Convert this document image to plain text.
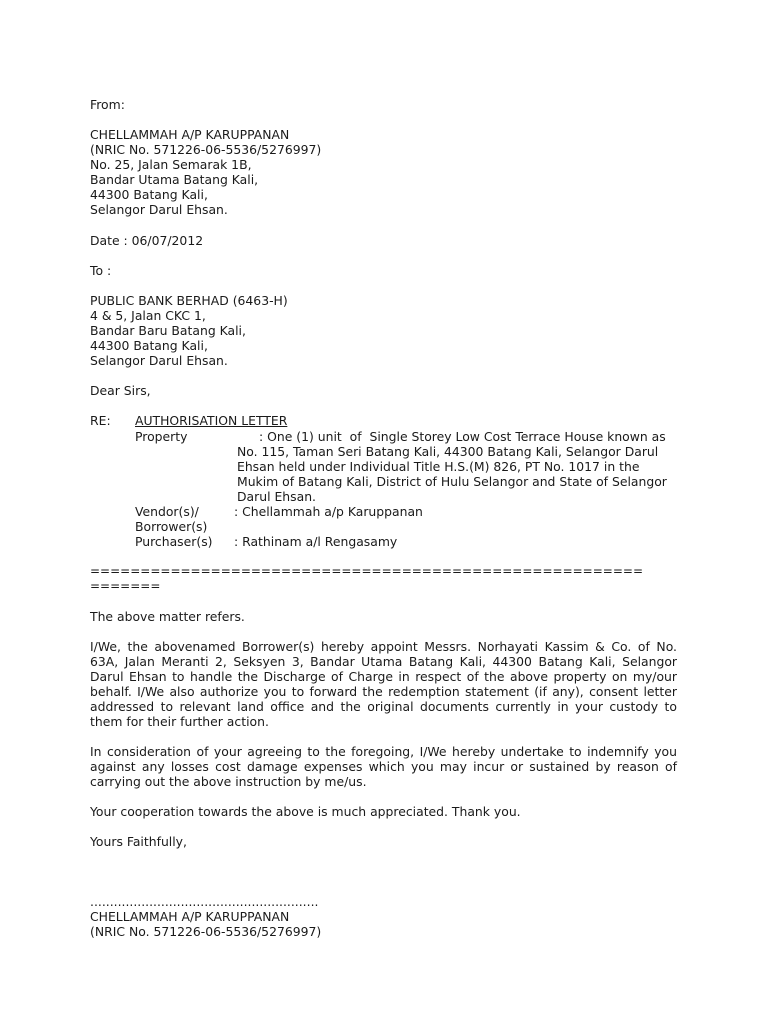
From:
CHELLAMMAH A/P KARUPPANAN
(NRIC No. 571226-06-5536/5276997)
No. 25, Jalan Semarak 1B,
Bandar Utama Batang Kali,
44300 Batang Kali,
Selangor Darul Ehsan.
Date : 06/07/2012
To :
PUBLIC BANK BERHAD (6463-H)
4 & 5, Jalan CKC 1,
Bandar Baru Batang Kali,
44300 Batang Kali,
Selangor Darul Ehsan.
Dear Sirs,
RE: AUTHORISATION LETTER
Property	: One (1) unit  of  Single Storey Low Cost Terrace House known as
No. 115, Taman Seri Batang Kali, 44300 Batang Kali, Selangor Darul Ehsan held under Individual Title H.S.(M) 826, PT No. 1017 in the Mukim of Batang Kali, District of Hulu Selangor and State of Selangor Darul Ehsan.
Vendor(s)/	: Chellammah a/p Karuppanan
Borrower(s)
Purchaser(s) : Rathinam a/l Rengasamy
=======================================================
=======
The above matter refers.
I/We, the abovenamed Borrower(s) hereby appoint Messrs. Norhayati Kassim & Co. of No. 63A, Jalan Meranti 2, Seksyen 3, Bandar Utama Batang Kali, 44300 Batang Kali, Selangor Darul Ehsan to handle the Discharge of Charge in respect of the above property on my/our behalf. I/We also authorize you to forward the redemption statement (if any), consent letter addressed to relevant land office and the original documents currently in your custody to them for their further action.
In consideration of your agreeing to the foregoing, I/We hereby undertake to indemnify you against any losses cost damage expenses which you may incur or sustained by reason of carrying out the above instruction by me/us.
Your cooperation towards the above is much appreciated. Thank you.
Yours Faithfully,
..........................................................
CHELLAMMAH A/P KARUPPANAN
(NRIC No. 571226-06-5536/5276997)
